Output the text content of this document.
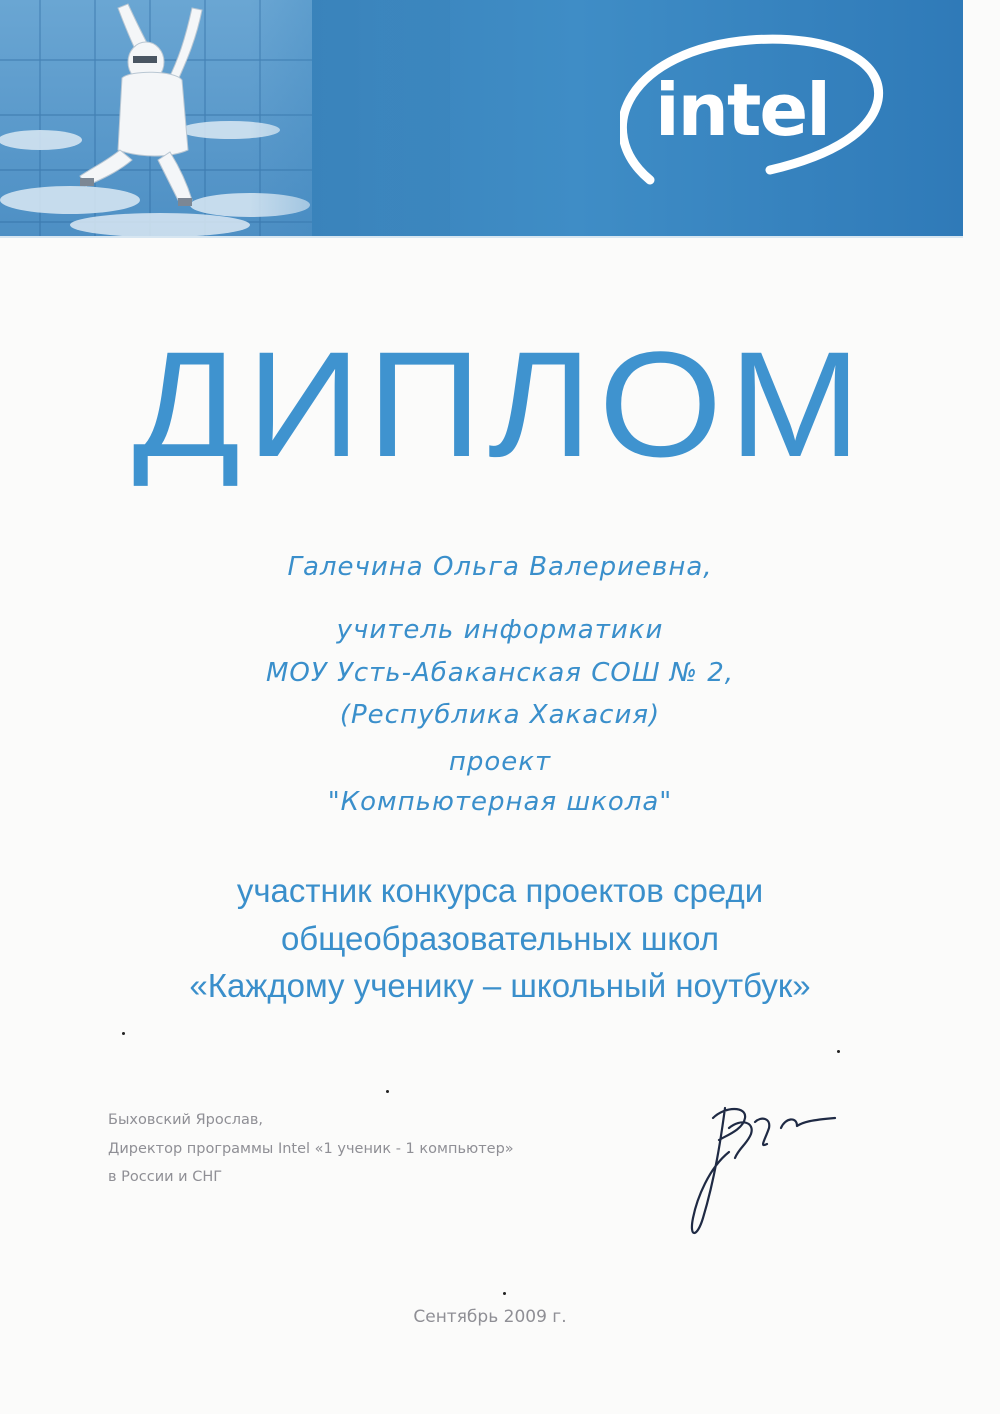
intel
ДИПЛОМ
Галечина Ольга Валериевна,
учитель информатики
МОУ Усть-Абаканская СОШ № 2,
(Республика Хакасия)
проект
"Компьютерная школа"
участник конкурса проектов среди
общеобразовательных школ
«Каждому ученику – школьный ноутбук»
Быховский Ярослав,
Директор программы Intel «1 ученик - 1 компьютер»
в России и СНГ
Сентябрь 2009 г.
